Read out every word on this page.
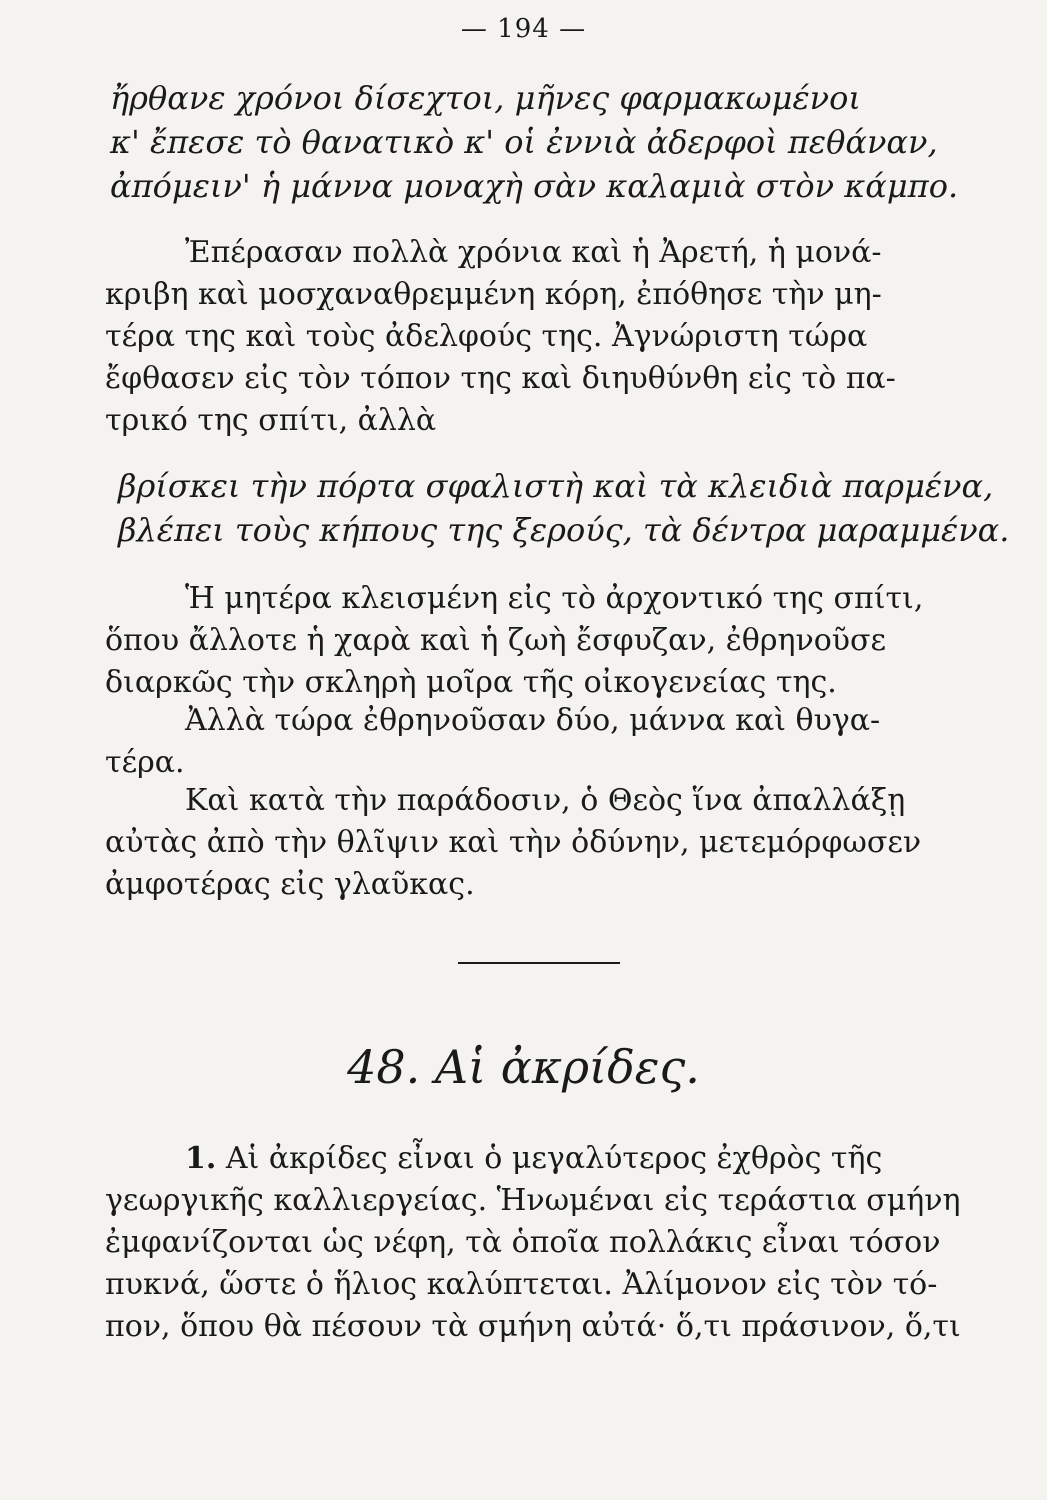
— 194 —
ἤρθανε χρόνοι δίσεχτοι, μῆνες φαρμακωμένοι
κ' ἔπεσε τὸ θανατικὸ κ' οἱ ἐννιὰ ἀδερφοὶ πεθάναν,
ἀπόμειν' ἡ μάννα μοναχὴ σὰν καλαμιὰ στὸν κάμπο.
Ἐπέρασαν πολλὰ χρόνια καὶ ἡ Ἀρετή, ἡ μονά-
κριβη καὶ μοσχαναθρεμμένη κόρη, ἐπόθησε τὴν μη-
τέρα της καὶ τοὺς ἀδελφούς της. Ἀγνώριστη τώρα
ἔφθασεν εἰς τὸν τόπον της καὶ διηυθύνθη εἰς τὸ πα-
τρικό της σπίτι, ἀλλὰ
βρίσκει τὴν πόρτα σφαλιστὴ καὶ τὰ κλειδιὰ παρμένα,
βλέπει τοὺς κήπους της ξερούς, τὰ δέντρα μαραμμένα.
Ἡ μητέρα κλεισμένη εἰς τὸ ἀρχοντικό της σπίτι,
ὅπου ἄλλοτε ἡ χαρὰ καὶ ἡ ζωὴ ἔσφυζαν, ἐθρηνοῦσε
διαρκῶς τὴν σκληρὴ μοῖρα τῆς οἰκογενείας της.
Ἀλλὰ τώρα ἐθρηνοῦσαν δύο, μάννα καὶ θυγα-
τέρα.
Καὶ κατὰ τὴν παράδοσιν, ὁ Θεὸς ἵνα ἀπαλλάξῃ
αὐτὰς ἀπὸ τὴν θλῖψιν καὶ τὴν ὀδύνην, μετεμόρφωσεν
ἀμφοτέρας εἰς γλαῦκας.
48. Αἱ ἀκρίδες.
1. Αἱ ἀκρίδες εἶναι ὁ μεγαλύτερος ἐχθρὸς τῆς
γεωργικῆς καλλιεργείας. Ἡνωμέναι εἰς τεράστια σμήνη
ἐμφανίζονται ὡς νέφη, τὰ ὁποῖα πολλάκις εἶναι τόσον
πυκνά, ὥστε ὁ ἥλιος καλύπτεται. Ἀλίμονον εἰς τὸν τό-
πον, ὅπου θὰ πέσουν τὰ σμήνη αὐτά· ὅ,τι πράσινον, ὅ,τι
